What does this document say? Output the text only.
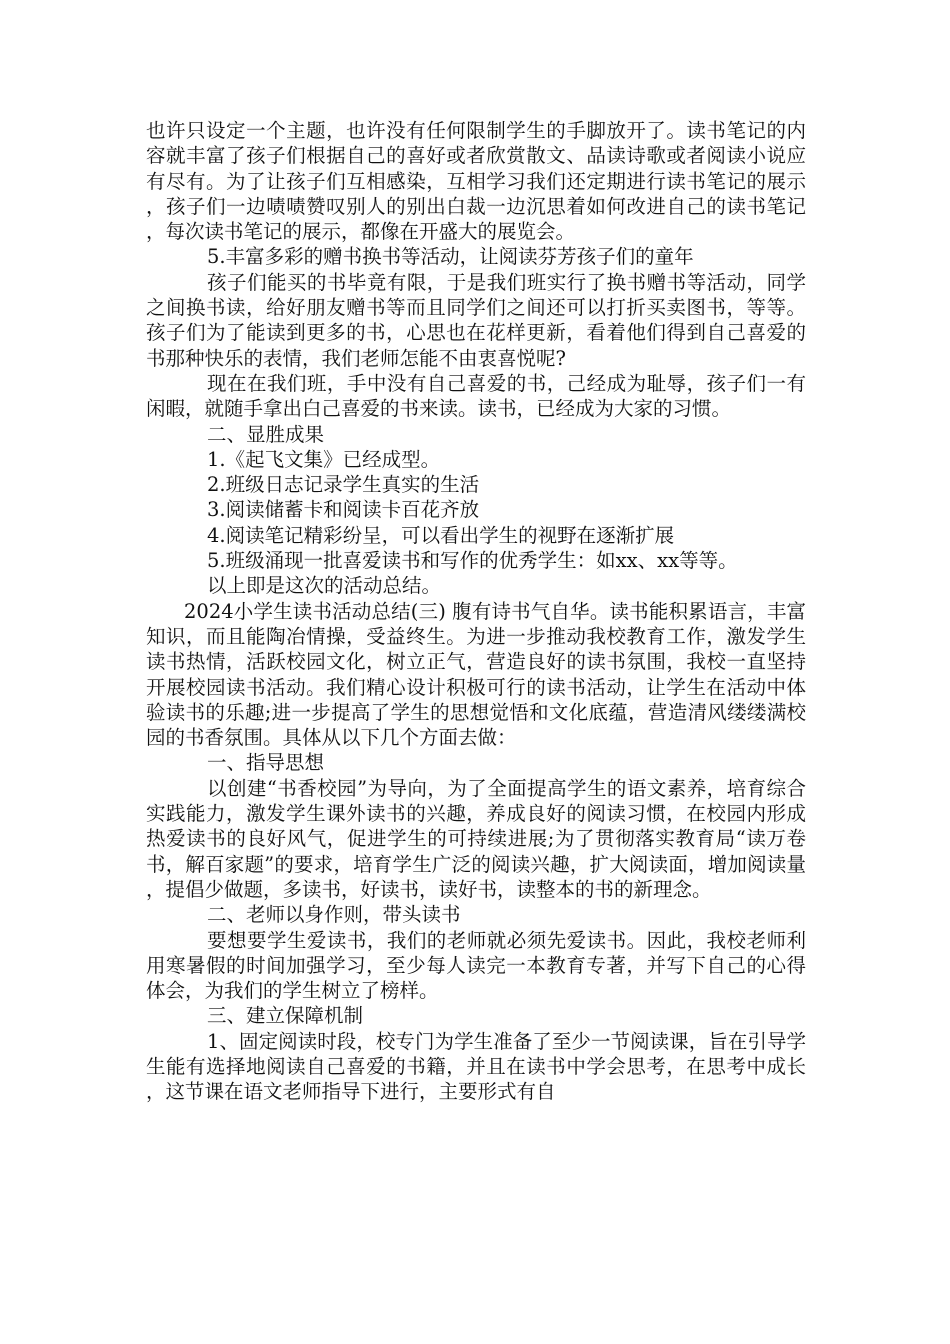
也许只设定一个主题，也许没有任何限制学生的手脚放开了。读书笔记的内容就丰富了孩子们根据自己的喜好或者欣赏散文、品读诗歌或者阅读小说应有尽有。为了让孩子们互相感染，互相学习我们还定期进行读书笔记的展示，孩子们一边啧啧赞叹别人的别出白裁一边沉思着如何改进自己的读书笔记，每次读书笔记的展示，都像在开盛大的展览会。

5.丰富多彩的赠书换书等活动，让阅读芬芳孩子们的童年

孩子们能买的书毕竟有限，于是我们班实行了换书赠书等活动，同学之间换书读，给好朋友赠书等而且同学们之间还可以打折买卖图书，等等。孩子们为了能读到更多的书，心思也在花样更新，看着他们得到自己喜爱的书那种快乐的表情，我们老师怎能不由衷喜悦呢?

现在在我们班，手中没有自己喜爱的书，己经成为耻辱，孩子们一有闲暇，就随手拿出白己喜爱的书来读。读书，已经成为大家的习惯。

二、显胜成果

1.《起飞文集》已经成型。

2.班级日志记录学生真实的生活

3.阅读储蓄卡和阅读卡百花齐放

4.阅读笔记精彩纷呈，可以看出学生的视野在逐渐扩展

5.班级涌现一批喜爱读书和写作的优秀学生：如xx、xx等等。

以上即是这次的活动总结。

2024小学生读书活动总结(三) 腹有诗书气自华。读书能积累语言，丰富知识，而且能陶冶情操，受益终生。为进一步推动我校教育工作，激发学生读书热情，活跃校园文化，树立正气，营造良好的读书氛围，我校一直坚持开展校园读书活动。我们精心设计积极可行的读书活动，让学生在活动中体验读书的乐趣;进一步提高了学生的思想觉悟和文化底蕴，营造清风缕缕满校园的书香氛围。具体从以下几个方面去做：

一、指导思想

以创建“书香校园”为导向，为了全面提高学生的语文素养，培育综合实践能力，激发学生课外读书的兴趣，养成良好的阅读习惯，在校园内形成热爱读书的良好风气，促进学生的可持续进展;为了贯彻落实教育局“读万卷书，解百家题”的要求，培育学生广泛的阅读兴趣，扩大阅读面，增加阅读量，提倡少做题，多读书，好读书，读好书，读整本的书的新理念。

二、老师以身作则，带头读书

要想要学生爱读书，我们的老师就必须先爱读书。因此，我校老师利用寒暑假的时间加强学习，至少每人读完一本教育专著，并写下自己的心得体会，为我们的学生树立了榜样。

三、建立保障机制

1、固定阅读时段，校专门为学生准备了至少一节阅读课，旨在引导学生能有选择地阅读自己喜爱的书籍，并且在读书中学会思考，在思考中成长，这节课在语文老师指导下进行，主要形式有自
